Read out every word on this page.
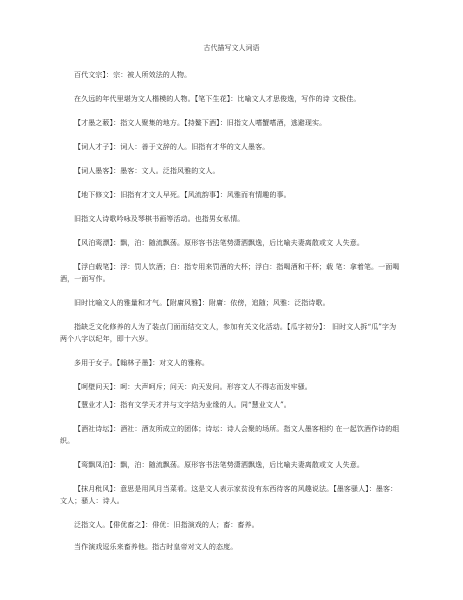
古代描写文人词语

百代文宗】：宗：被人所效法的人物。

在久远的年代里堪为文人楷模的人物。【笔下生花】：比喻文人才思俊逸，写作的诗 文极佳。

【才墨之薮】：指文人聚集的地方。【持鳌下酒】：旧指文人嗜蟹嗜酒，逃避现实。

【词人才子】：词人：善于文辞的人。旧指有才华的文人墨客。

【词人墨客】：墨客：文人。泛指风雅的文人。

【地下修文】：旧指有才文人早死。【风流韵事】：风雅而有情趣的事。

旧指文人诗歌吟咏及琴棋书画等活动。也指男女私情。

【风泊鸾漂】：飘，泊：随流飘荡。原形容书法笔势潇洒飘逸，后比喻夫妻离散或文 人失意。

【浮白载笔】：浮：罚人饮酒；白：指专用来罚酒的大杯；浮白：指喝酒和干杯；载 笔：拿着笔。一面喝酒，一面写作。

旧时比喻文人的雅量和才气。【附庸风雅】：附庸：依傍，追随；风雅：泛指诗歌。

指缺乏文化修养的人为了装点门面而结交文人，参加有关文化活动。【瓜字初分】： 旧时文人拆“瓜”字为两个八字以纪年，即十六岁。

多用于女子。【翰林子墨】：对文人的雅称。

【呵壁问天】：呵：大声呵斥；问天：向天发问。形容文人不得志而发牢骚。

【慧业才人】：指有文学天才并与文字结为业缘的人。同“慧业文人”。

【酒社诗坛】：酒社：酒友所成立的团体；诗坛：诗人会聚的场所。指文人墨客相约 在一起饮酒作诗的组织。

【鸾飘凤泊】：飘，泊：随流飘荡。原形容书法笔势潇洒飘逸，后比喻夫妻离散或文 人失意。

【抹月秕风】：意思是用风月当菜肴。这是文人表示家贫没有东西待客的风趣说法。【墨客骚人】：墨客：文人；骚人：诗人。

泛指文人。【俳优畜之】：俳优：旧指演戏的人；畜：畜养。

当作演戏逗乐来畜养他。指古时皇帝对文人的态度。
